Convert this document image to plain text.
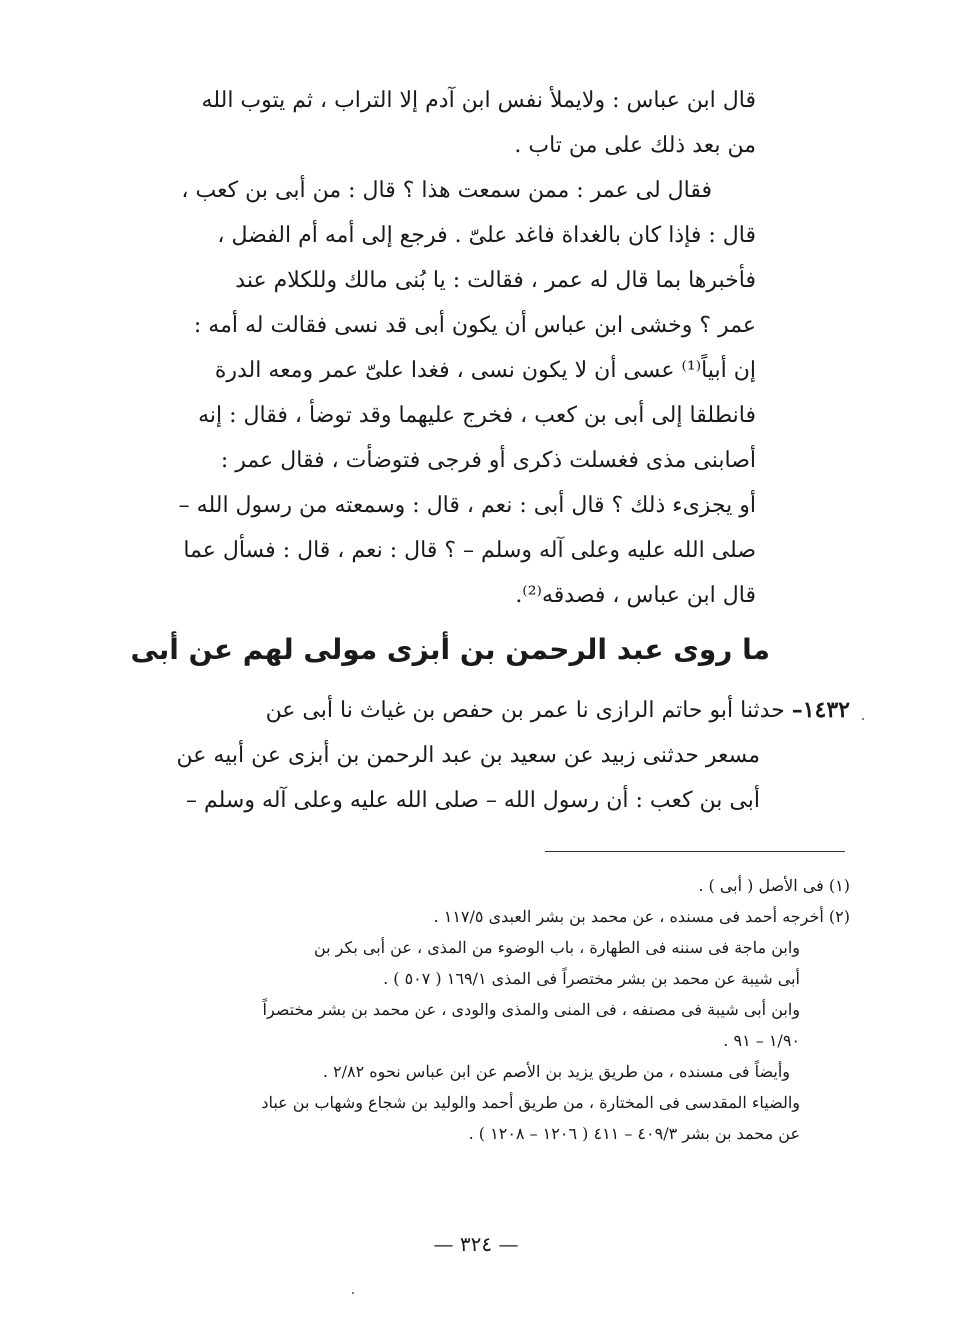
قال ابن عباس : ولايملأ نفس ابن آدم إلا التراب ، ثم يتوب الله
من بعد ذلك على من تاب .
فقال لى عمر : ممن سمعت هذا ؟ قال : من أبى بن كعب ،
قال : فإذا كان بالغداة فاغد علىّ . فرجع إلى أمه أم الفضل ،
فأخبرها بما قال له عمر ، فقالت : يا بُنى مالك وللكلام عند
عمر ؟ وخشى ابن عباس أن يكون أبى قد نسى فقالت له أمه :
إن أبياً⁽¹⁾ عسى أن لا يكون نسى ، فغدا علىّ عمر ومعه الدرة
فانطلقا إلى أبى بن كعب ، فخرج عليهما وقد توضأ ، فقال : إنه
أصابنى مذى فغسلت ذكرى أو فرجى فتوضأت ، فقال عمر :
أو يجزىء ذلك ؟ قال أبى : نعم ، قال : وسمعته من رسول الله –
صلى الله عليه وعلى آله وسلم – ؟ قال : نعم ، قال : فسأل عما
قال ابن عباس ، فصدقه⁽²⁾.
ما روى عبد الرحمن بن أبزى مولى لهم عن أبى
١٤٣٢– حدثنا أبو حاتم الرازى نا عمر بن حفص بن غياث نا أبى عن
مسعر حدثنى زبيد عن سعيد بن عبد الرحمن بن أبزى عن أبيه عن
أبى بن كعب : أن رسول الله – صلى الله عليه وعلى آله وسلم –
(١) فى الأصل ( أبى ) .
(٢) أخرجه أحمد فى مسنده ، عن محمد بن بشر العبدى ١١٧/٥ .
وابن ماجة فى سننه فى الطهارة ، باب الوضوء من المذى ، عن أبى بكر بن
أبى شيبة عن محمد بن بشر مختصراً فى المذى ١٦٩/١ ( ٥٠٧ ) .
وابن أبى شيبة فى مصنفه ، فى المنى والمذى والودى ، عن محمد بن بشر مختصراً
١/٩٠ – ٩١ .
وأيضاً فى مسنده ، من طريق يزيد بن الأصم عن ابن عباس نحوه ٢/٨٢ .
والضياء المقدسى فى المختارة ، من طريق أحمد والوليد بن شجاع وشهاب بن عباد
عن محمد بن بشر ٤٠٩/٣ – ٤١١ ( ١٢٠٦ – ١٢٠٨ ) .
— ٣٢٤ —
